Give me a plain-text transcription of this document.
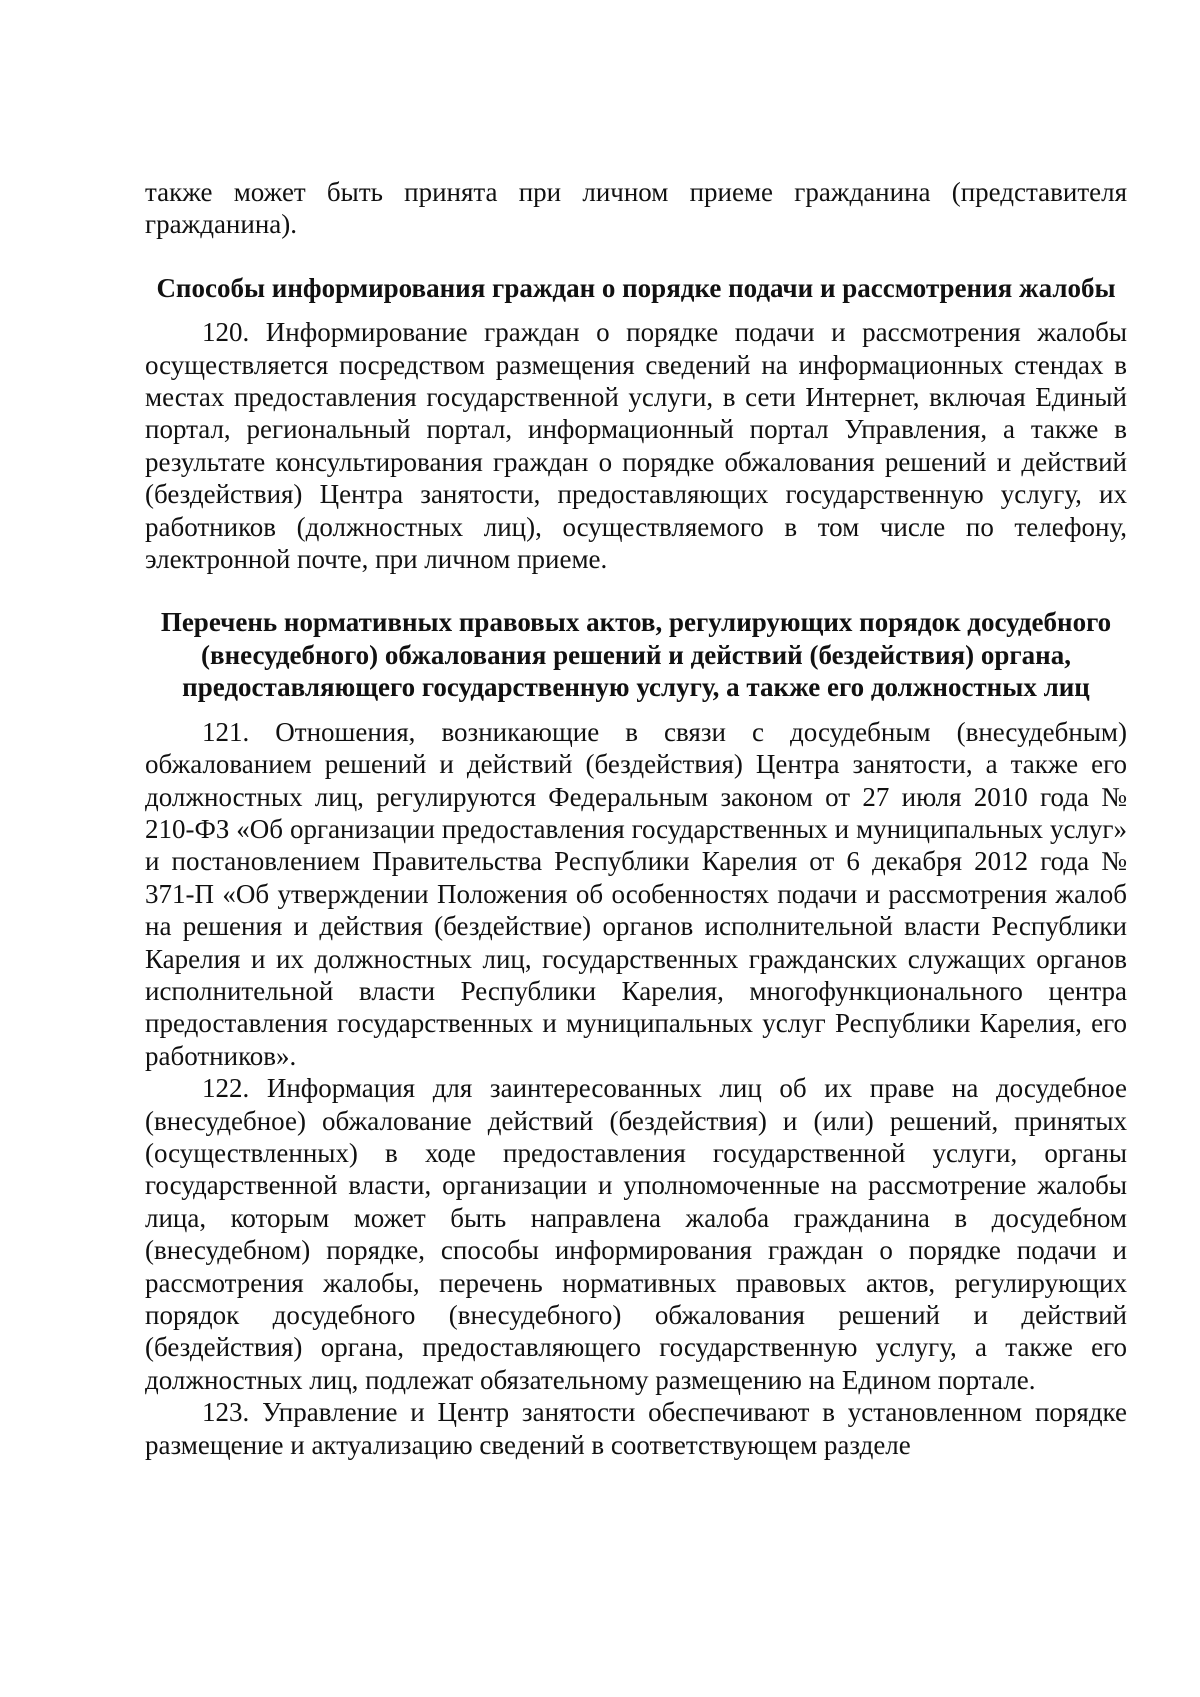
также может быть принята при личном приеме гражданина (представителя гражданина).

Способы информирования граждан о порядке подачи и рассмотрения жалобы

120. Информирование граждан о порядке подачи и рассмотрения жалобы осуществляется посредством размещения сведений на информационных стендах в местах предоставления государственной услуги, в сети Интернет, включая Единый портал, региональный портал, информационный портал Управления, а также в результате консультирования граждан о порядке обжалования решений и действий (бездействия) Центра занятости, предоставляющих государственную услугу, их работников (должностных лиц), осуществляемого в том числе по телефону, электронной почте, при личном приеме.

Перечень нормативных правовых актов, регулирующих порядок досудебного (внесудебного) обжалования решений и действий (бездействия) органа, предоставляющего государственную услугу, а также его должностных лиц

121. Отношения, возникающие в связи с досудебным (внесудебным) обжалованием решений и действий (бездействия) Центра занятости, а также его должностных лиц, регулируются Федеральным законом от 27 июля 2010 года № 210-ФЗ «Об организации предоставления государственных и муниципальных услуг» и постановлением Правительства Республики Карелия от 6 декабря 2012 года № 371-П «Об утверждении Положения об особенностях подачи и рассмотрения жалоб на решения и действия (бездействие) органов исполнительной власти Республики Карелия и их должностных лиц, государственных гражданских служащих органов исполнительной власти Республики Карелия, многофункционального центра предоставления государственных и муниципальных услуг Республики Карелия, его работников».

122. Информация для заинтересованных лиц об их праве на досудебное (внесудебное) обжалование действий (бездействия) и (или) решений, принятых (осуществленных) в ходе предоставления государственной услуги, органы государственной власти, организации и уполномоченные на рассмотрение жалобы лица, которым может быть направлена жалоба гражданина в досудебном (внесудебном) порядке, способы информирования граждан о порядке подачи и рассмотрения жалобы, перечень нормативных правовых актов, регулирующих порядок досудебного (внесудебного) обжалования решений и действий (бездействия) органа, предоставляющего государственную услугу, а также его должностных лиц, подлежат обязательному размещению на Едином портале.

123. Управление и Центр занятости обеспечивают в установленном порядке размещение и актуализацию сведений в соответствующем разделе
